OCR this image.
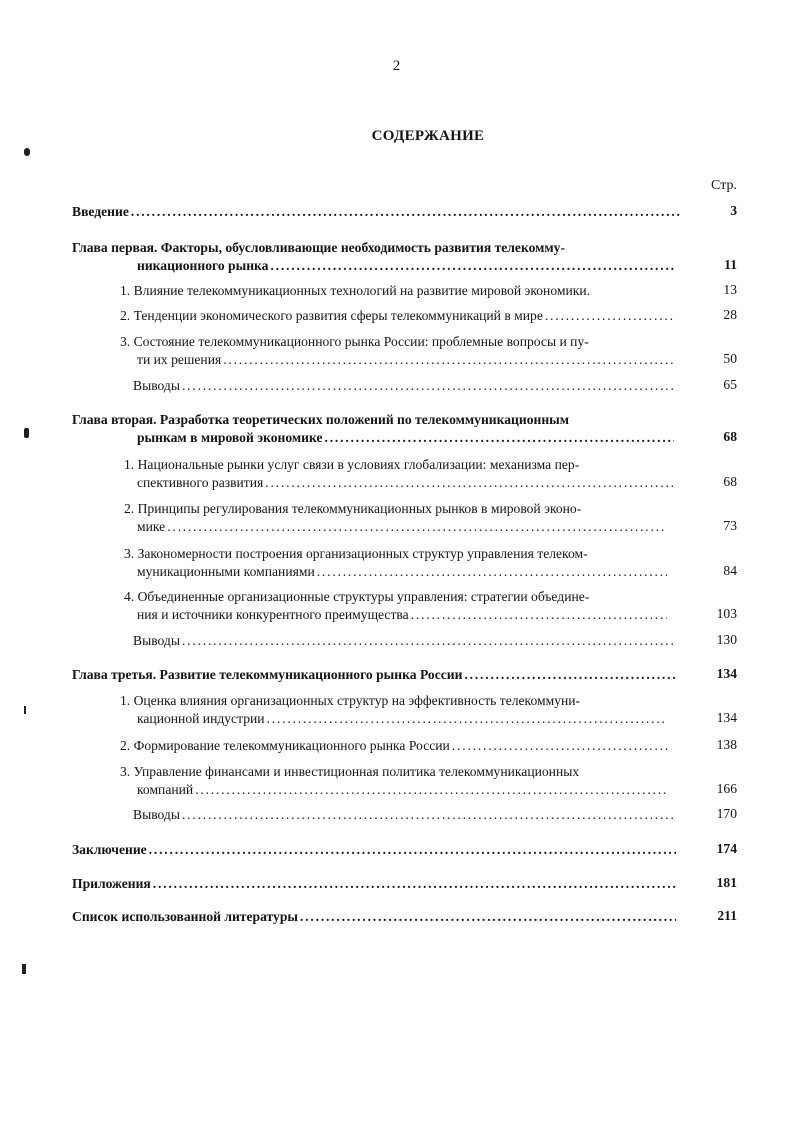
2
СОДЕРЖАНИЕ
Стр.
Введение . . .	3
Глава первая. Факторы, обусловливающие необходимость развития телекомму-
никационного рынка . . .	11
1. Влияние телекоммуникационных технологий на развитие мировой экономики.	13
2. Тенденции экономического развития сферы телекоммуникаций в мире . . .	28
3. Состояние телекоммуникационного рынка России: проблемные вопросы и пу-
ти их решения . . .	50
Выводы . . .	65
Глава вторая. Разработка теоретических положений по телекоммуникационным
рынкам в мировой экономике . . .	68
1. Национальные рынки услуг связи в условиях глобализации: механизма пер-
спективного развития . . .	68
2. Принципы регулирования телекоммуникационных рынков в мировой эконо-
мике . . .	73
3. Закономерности построения организационных структур управления телеком-
муникационными компаниями . . .	84
4. Объединенные организационные структуры управления: стратегии объедине-
ния и источники конкурентного преимущества . . .	103
Выводы . . .	130
Глава третья. Развитие телекоммуникационного рынка России . . .	134
1. Оценка влияния организационных структур на эффективность телекоммуни-
кационной индустрии . . .	134
2. Формирование телекоммуникационного рынка России . . .	138
3. Управление финансами и инвестиционная политика телекоммуникационных
компаний . . .	166
Выводы . . .	170
Заключение . . .	174
Приложения . . .	181
Список использованной литературы . . .	211
